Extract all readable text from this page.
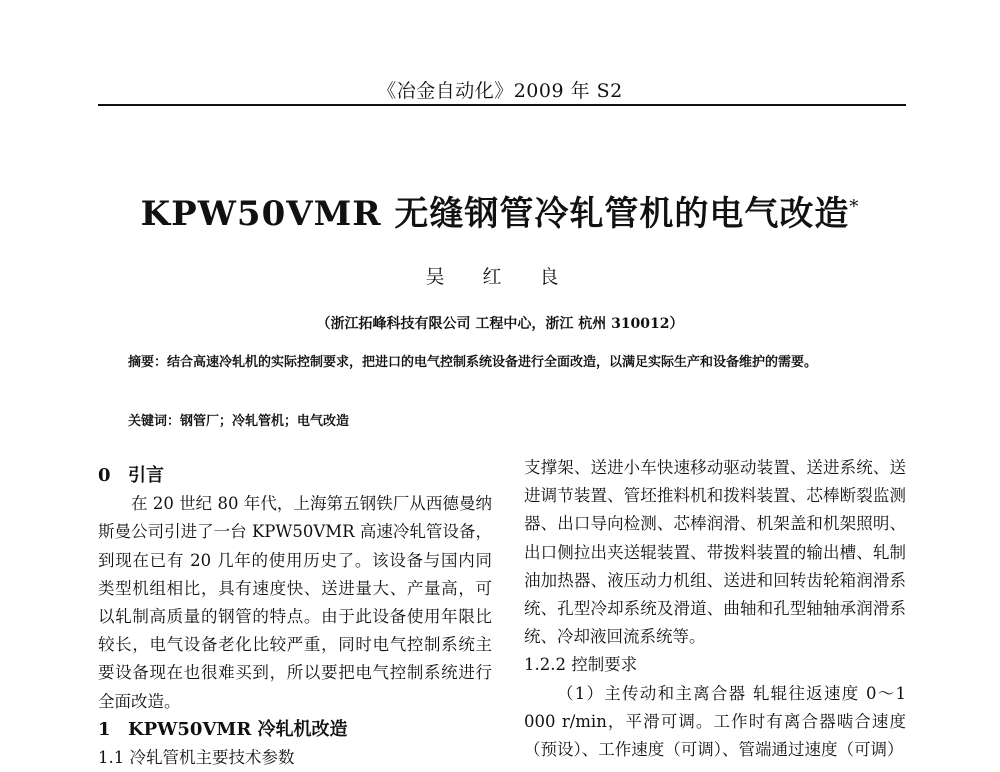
《冶金自动化》2009 年 S2
KPW50VMR 无缝钢管冷轧管机的电气改造*
吴 红 良
（浙江拓峰科技有限公司 工程中心，浙江 杭州 310012）
摘要：结合高速冷轧机的实际控制要求，把进口的电气控制系统设备进行全面改造，以满足实际生产和设备维护的需要。
关键词：钢管厂；冷轧管机；电气改造
0 引言

在 20 世纪 80 年代，上海第五钢铁厂从西德曼纳斯曼公司引进了一台 KPW50VMR 高速冷轧管设备，到现在已有 20 几年的使用历史了。该设备与国内同类型机组相比，具有速度快、送进量大、产量高，可以轧制高质量的钢管的特点。由于此设备使用年限比较长，电气设备老化比较严重，同时电气控制系统主要设备现在也很难买到，所以要把电气控制系统进行全面改造。

1 KPW50VMR 冷轧机改造
1.1 冷轧管机主要技术参数

支撑架、送进小车快速移动驱动装置、送进系统、送进调节装置、管坯推料机和拨料装置、芯棒断裂监测器、出口导向检测、芯棒润滑、机架盖和机架照明、出口侧拉出夹送辊装置、带拨料装置的输出槽、轧制油加热器、液压动力机组、送进和回转齿轮箱润滑系统、孔型冷却系统及滑道、曲轴和孔型轴轴承润滑系统、冷却液回流系统等。

1.2.2 控制要求

（1）主传动和主离合器 轧辊往返速度 0～1 000 r/min，平滑可调。工作时有离合器啮合速度（预设）、工作速度（可调）、管端通过速度（可调）
